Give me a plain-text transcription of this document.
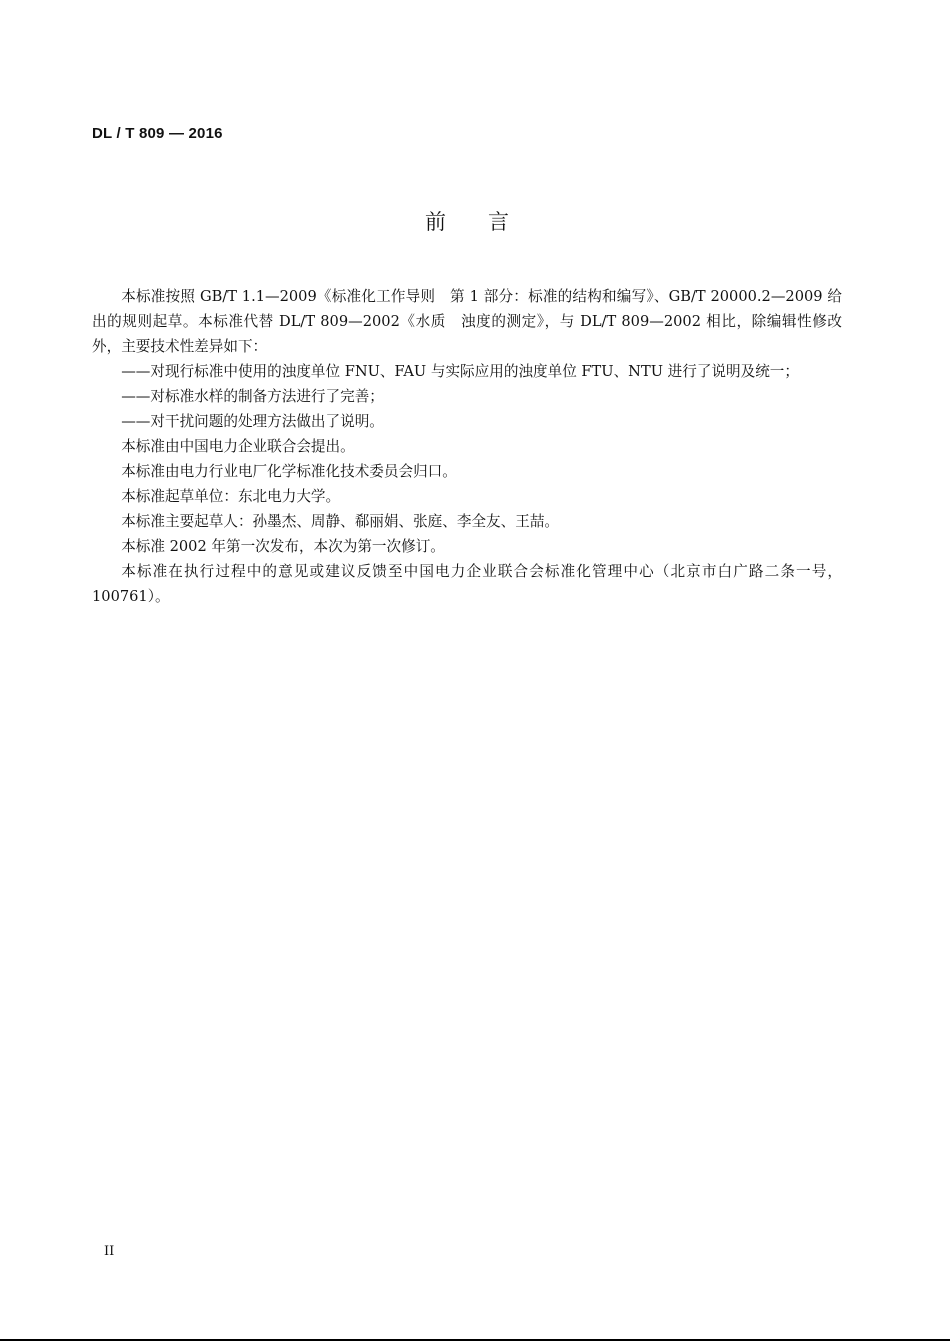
DL / T 809 — 2016
前　　言

本标准按照 GB/T 1.1—2009《标准化工作导则　第 1 部分：标准的结构和编写》、GB/T 20000.2—2009 给出的规则起草。本标准代替 DL/T 809—2002《水质　浊度的测定》，与 DL/T 809—2002 相比，除编辑性修改外，主要技术性差异如下：

——对现行标准中使用的浊度单位 FNU、FAU 与实际应用的浊度单位 FTU、NTU 进行了说明及统一；

——对标准水样的制备方法进行了完善；

——对干扰问题的处理方法做出了说明。

本标准由中国电力企业联合会提出。

本标准由电力行业电厂化学标准化技术委员会归口。

本标准起草单位：东北电力大学。

本标准主要起草人：孙墨杰、周静、郗丽娟、张庭、李全友、王喆。

本标准 2002 年第一次发布，本次为第一次修订。

本标准在执行过程中的意见或建议反馈至中国电力企业联合会标准化管理中心（北京市白广路二条一号，100761）。

II
